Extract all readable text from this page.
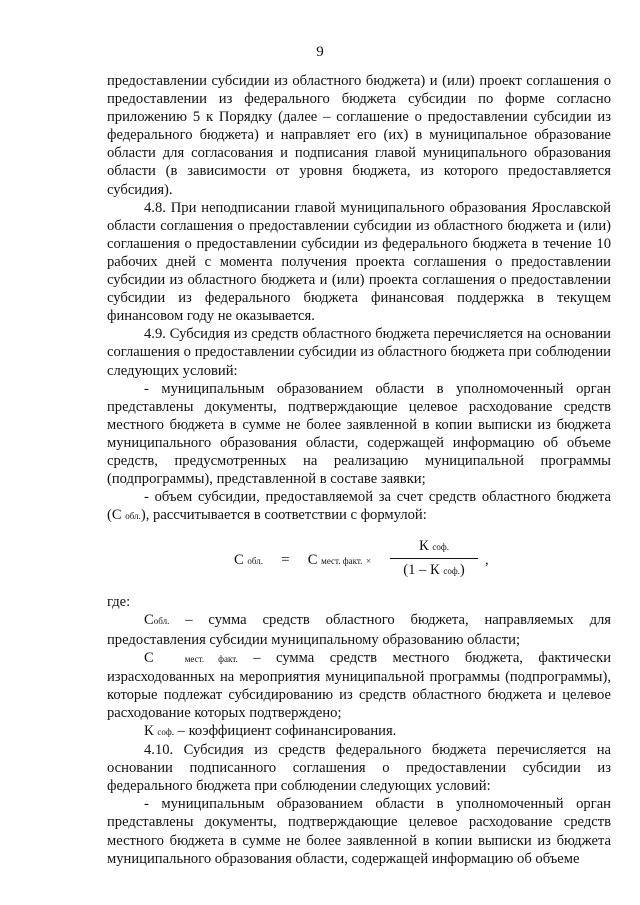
9

предоставлении субсидии из областного бюджета) и (или) проект соглашения о предоставлении из федерального бюджета субсидии по форме согласно приложению 5 к Порядку (далее – соглашение о предоставлении субсидии из федерального бюджета) и направляет его (их) в муниципальное образование области для согласования и подписания главой муниципального образования области (в зависимости от уровня бюджета, из которого предоставляется субсидия).

4.8. При неподписании главой муниципального образования Ярославской области соглашения о предоставлении субсидии из областного бюджета и (или) соглашения о предоставлении субсидии из федерального бюджета в течение 10 рабочих дней с момента получения проекта соглашения о предоставлении субсидии из областного бюджета и (или) проекта соглашения о предоставлении субсидии из федерального бюджета финансовая поддержка в текущем финансовом году не оказывается.

4.9. Субсидия из средств областного бюджета перечисляется на основании соглашения о предоставлении субсидии из областного бюджета при соблюдении следующих условий:

- муниципальным образованием области в уполномоченный орган представлены документы, подтверждающие целевое расходование средств местного бюджета в сумме не более заявленной в копии выписки из бюджета муниципального образования области, содержащей информацию об объеме средств, предусмотренных на реализацию муниципальной программы (подпрограммы), представленной в составе заявки;

- объем субсидии, предоставляемой за счет средств областного бюджета (С обл.), рассчитывается в соответствии с формулой:

С обл. = С мест. факт. ×
К соф.
(1 – К соф.)
,

где:

Собл. – сумма средств областного бюджета, направляемых для предоставления субсидии муниципальному образованию области;

С	мест. факт. – сумма средств местного бюджета, фактически израсходованных на мероприятия муниципальной программы (подпрограммы), которые подлежат субсидированию из средств областного бюджета и целевое расходование которых подтверждено;

К соф. – коэффициент софинансирования.

4.10. Субсидия из средств федерального бюджета перечисляется на основании подписанного соглашения о предоставлении субсидии из федерального бюджета при соблюдении следующих условий:

- муниципальным образованием области в уполномоченный орган представлены документы, подтверждающие целевое расходование средств местного бюджета в сумме не более заявленной в копии выписки из бюджета муниципального образования области, содержащей информацию об объеме
